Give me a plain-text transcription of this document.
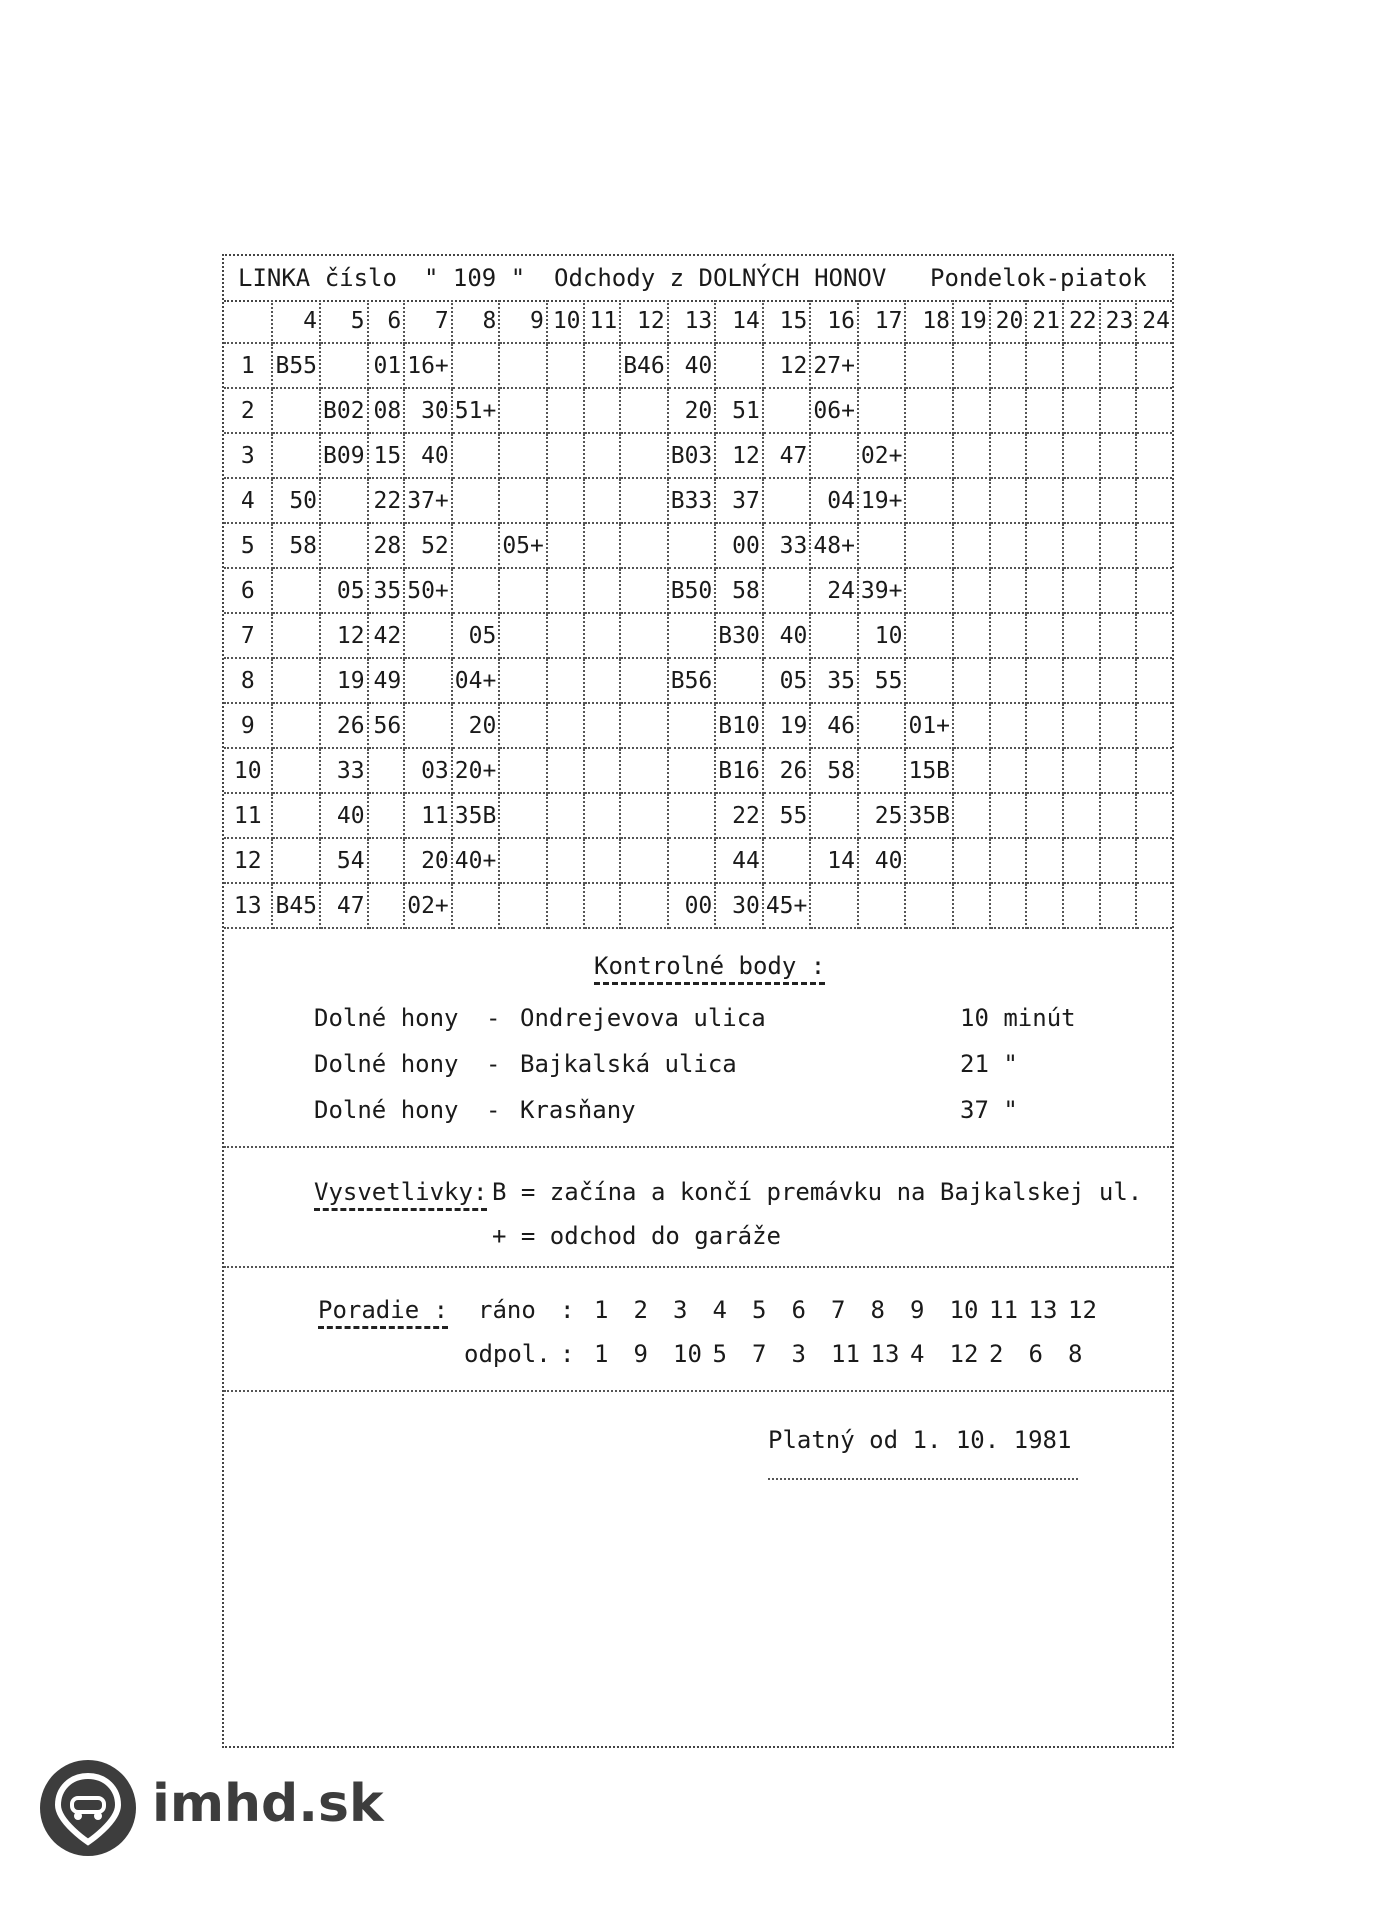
LINKA číslo " 109 " Odchody z DOLNÝCH HONOV Pondelok-piatok
	4	5	6	7	8	9	10	11	12	13	14	15	16	17	18	19	20	21	22	23	24
1	B55		01	16+					B46	40		12	27+								
2		B02	08	30	51+					20	51		06+								
3		B09	15	40						B03	12	47		02+							
4	50		22	37+						B33	37		04	19+							
5	58		28	52		05+					00	33	48+								
6		05	35	50+						B50	58		24	39+							
7		12	42		05						B30	40		10							
8		19	49		04+					B56		05	35	55							
9		26	56		20						B10	19	46		01+						
10		33		03	20+						B16	26	58		15B						
11		40		11	35B						22	55		25	35B						
12		54		20	40+						44		14	40							
13	B45	47		02+						00	30	45+									
Kontrolné body :
Dolné hony - Ondrejevova ulica	10 minút
Dolné hony - Bajkalská ulica	21 "
Dolné hony - Krasňany	37 "
Vysvetlivky: B = začína a končí premávku na Bajkalskej ul.
+ = odchod do garáže
Poradie : ráno : 1 2 3 4 5 6 7 8 9 10 11 13 12
odpol. : 1 9 10 5 7 3 11 13 4 12 2 6 8
Platný od 1. 10. 1981
imhd.sk
